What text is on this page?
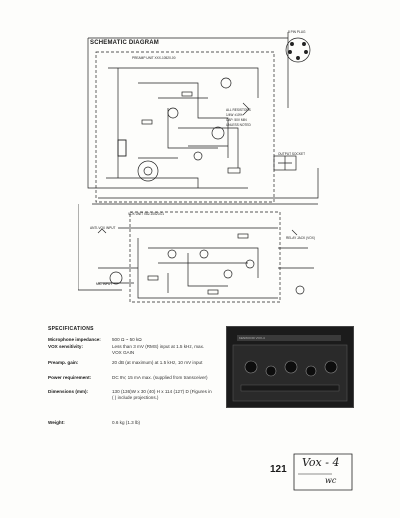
SCHEMATIC DIAGRAM
PREAMP UNIT XXX-10520-00
VOX UNIT X82-10520-01
ALL RESISTORS
1/4W ±10%
CAP: 50V MIN
UNLESS NOTED
8 PIN PLUG
OUTPUT SOCKET
ANTI-VOX INPUT
RELAY JACK (VOX)
MIC INPUT
SPECIFICATIONS
Microphone impedance:	500 Ω ~ 50 kΩ
VOX sensitivity:	Less than 3 mV (RMS) input at 1.5 kHz, max. VOX GAIN
Preamp. gain:	20 dB (at maximum) at 1.5 kHz, 10 mV input
Power requirement:	DC 9V, 15 mA max. (supplied from transceiver)
Dimensions (mm):	130 (136)W x 30 (40) H x 114 (127) D (Figures in ( ) include projections.)
Weight:	0.6 kg (1.3 lb)
KENWOOD VOX-4
121
Vox - 4
wc
